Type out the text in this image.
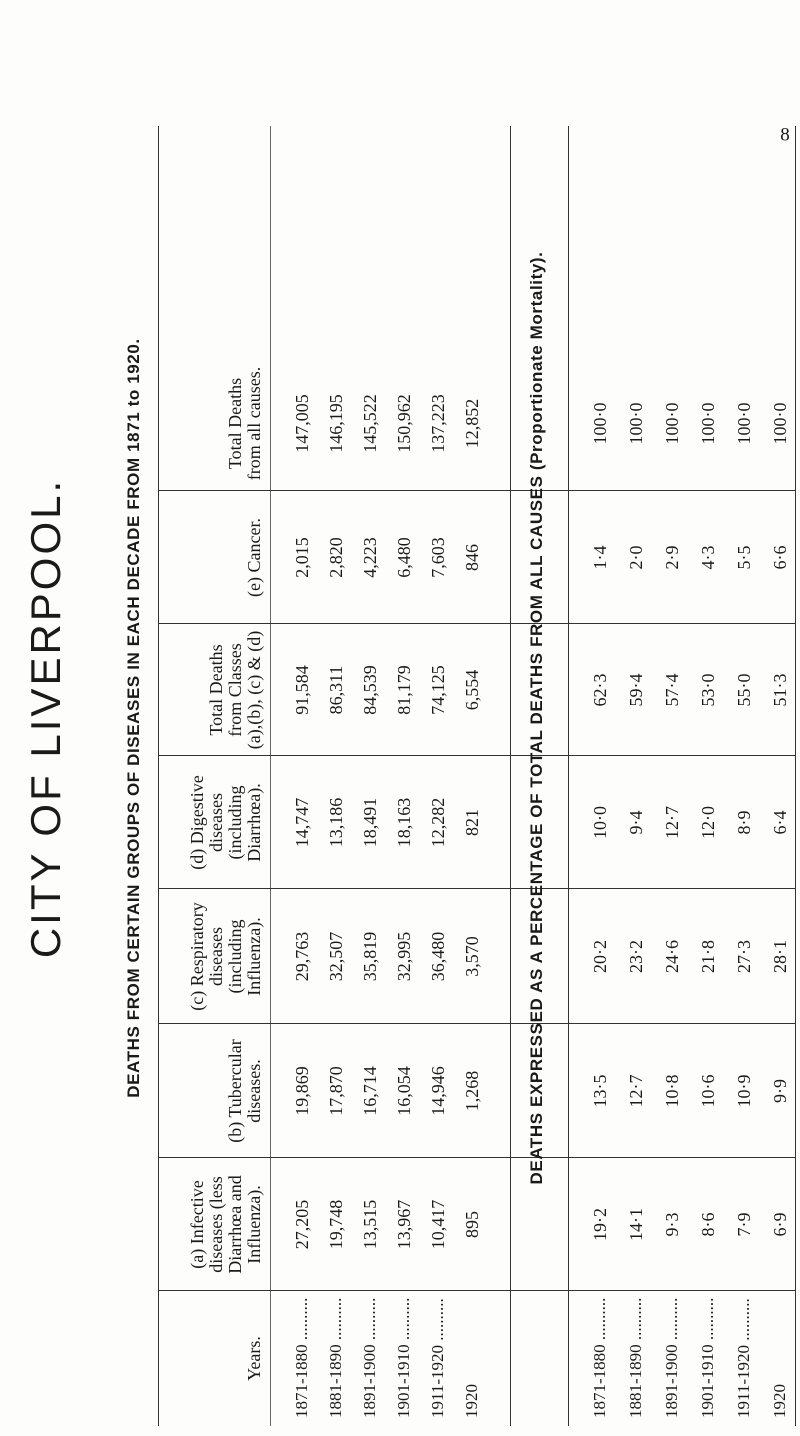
CITY OF LIVERPOOL.	DEATHS FROM CERTAIN GROUPS OF DISEASES IN EACH DECADE FROM 1871 to 1920.
8
Years.
(a) Infective diseases (less Diarrhœa and Influenza).
(b) Tubercular diseases.
(c) Respiratory diseases (including Influenza).
(d) Digestive diseases (including Diarrhœa).
Total Deaths from Classes (a),(b), (c) & (d)
(e) Cancer.
Total Deaths from all causes.
1871-1880 ..........
27,205
19,869
29,763
14,747
91,584
2,015
147,005
1881-1890 ..........
19,748
17,870
32,507
13,186
86,311
2,820
146,195
1891-1900 ..........
13,515
16,714
35,819
18,491
84,539
4,223
145,522
1901-1910 ..........
13,967
16,054
32,995
18,163
81,179
6,480
150,962
1911-1920 ..........
10,417
14,946
36,480
12,282
74,125
7,603
137,223
1920
895
1,268
3,570
821
6,554
846
12,852
1871-1880 ..........
19·2
13·5
20·2
10·0
62·3
1·4
100·0
1881-1890 ..........
14·1
12·7
23·2
9·4
59·4
2·0
100·0
1891-1900 ..........
9·3
10·8
24·6
12·7
57·4
2·9
100·0
1901-1910 ..........
8·6
10·6
21·8
12·0
53·0
4·3
100·0
1911-1920 ..........
7·9
10·9
27·3
8·9
55·0
5·5
100·0
1920
6·9
9·9
28·1
6·4
51·3
6·6
100·0
DEATHS EXPRESSED AS A PERCENTAGE OF TOTAL DEATHS FROM ALL CAUSES (Proportionate Mortality).
